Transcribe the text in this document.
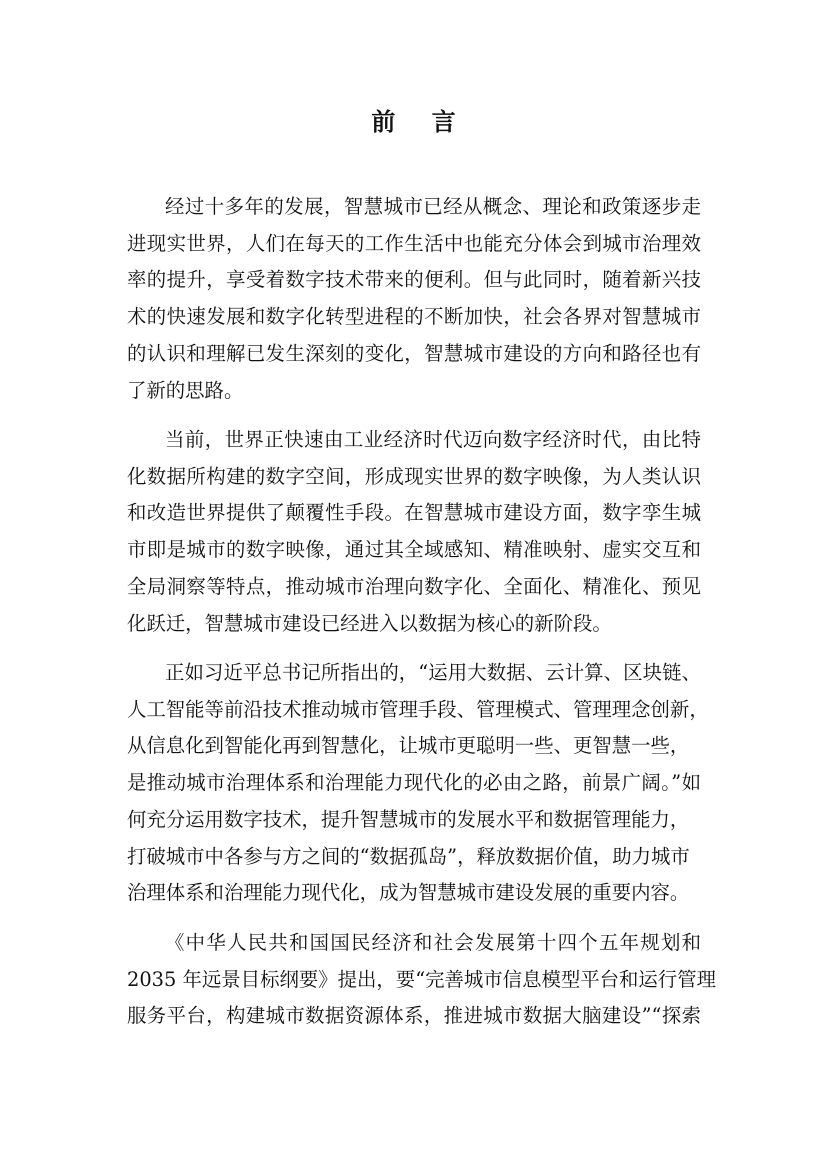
前 言
经过十多年的发展，智慧城市已经从概念、理论和政策逐步走
进现实世界，人们在每天的工作生活中也能充分体会到城市治理效
率的提升，享受着数字技术带来的便利。但与此同时，随着新兴技
术的快速发展和数字化转型进程的不断加快，社会各界对智慧城市
的认识和理解已发生深刻的变化，智慧城市建设的方向和路径也有
了新的思路。
当前，世界正快速由工业经济时代迈向数字经济时代，由比特
化数据所构建的数字空间，形成现实世界的数字映像，为人类认识
和改造世界提供了颠覆性手段。在智慧城市建设方面，数字孪生城
市即是城市的数字映像，通过其全域感知、精准映射、虚实交互和
全局洞察等特点，推动城市治理向数字化、全面化、精准化、预见
化跃迁，智慧城市建设已经进入以数据为核心的新阶段。
正如习近平总书记所指出的，“运用大数据、云计算、区块链、
人工智能等前沿技术推动城市管理手段、管理模式、管理理念创新，
从信息化到智能化再到智慧化，让城市更聪明一些、更智慧一些，
是推动城市治理体系和治理能力现代化的必由之路，前景广阔。”如
何充分运用数字技术，提升智慧城市的发展水平和数据管理能力，
打破城市中各参与方之间的“数据孤岛”，释放数据价值，助力城市
治理体系和治理能力现代化，成为智慧城市建设发展的重要内容。
《中华人民共和国国民经济和社会发展第十四个五年规划和
2035 年远景目标纲要》提出，要“完善城市信息模型平台和运行管理
服务平台，构建城市数据资源体系，推进城市数据大脑建设”“探索
